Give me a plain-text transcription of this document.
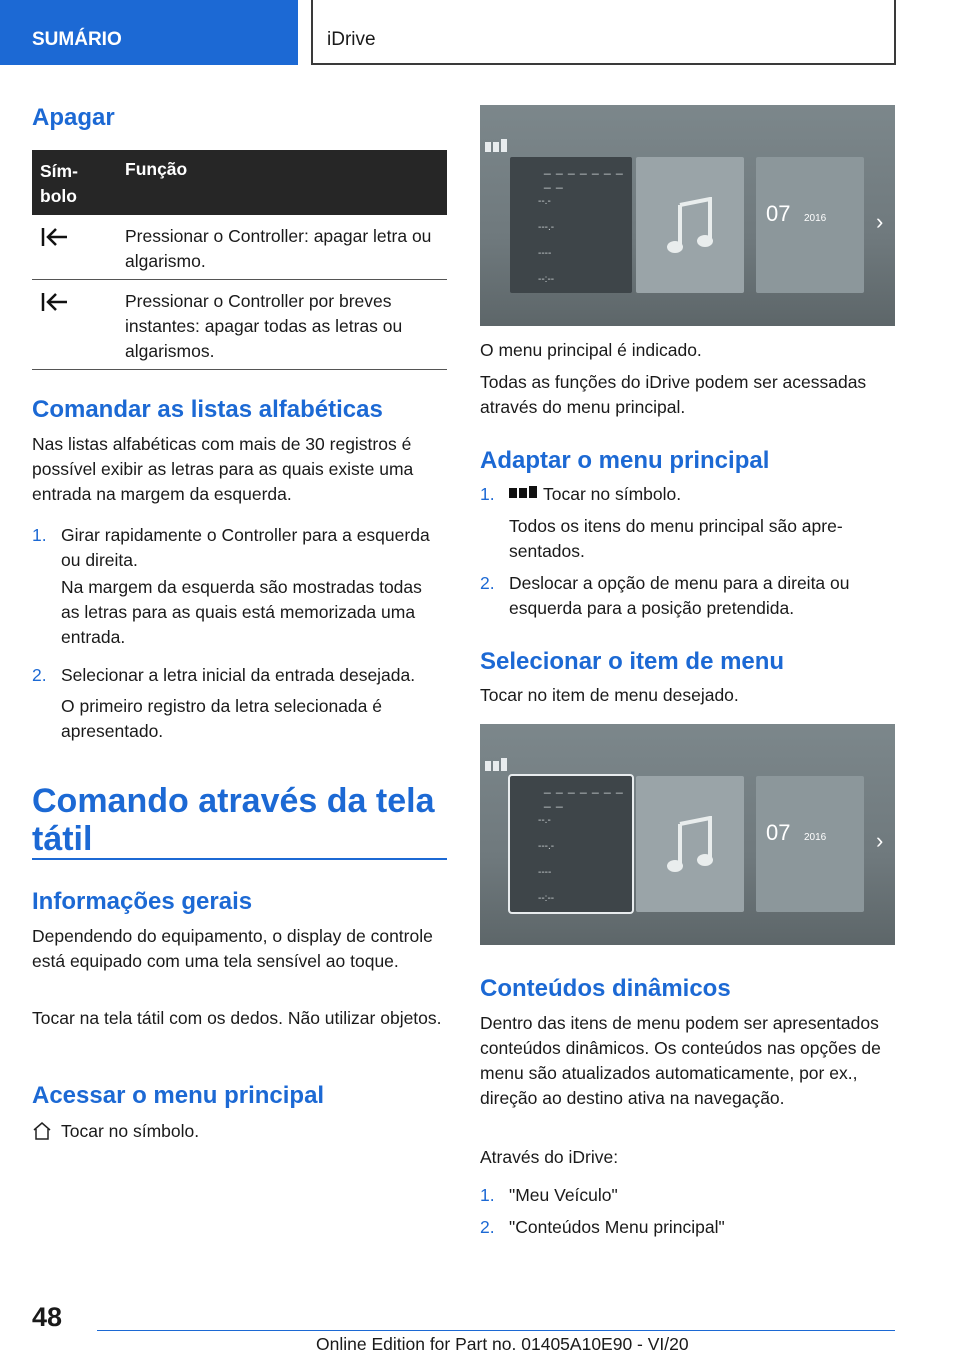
SUMÁRIO	iDrive
Apagar
Sím-
bolo
Função
Pressionar o Controller: apagar letra ou algarismo.
Pressionar o Controller por breves instantes: apagar todas as letras ou algarismos.
Comandar as listas alfabéticas

Nas listas alfabéticas com mais de 30 registros é possível exibir as letras para as quais existe uma entrada na margem da esquerda.

1. Girar rapidamente o Controller para a esquerda ou direita.
Na margem da esquerda são mostradas todas as letras para as quais está memorizada uma entrada.
2. Selecionar a letra inicial da entrada desejada.
O primeiro registro da letra selecionada é apresentado.
Comando através da tela tátil
Informações gerais

Dependendo do equipamento, o display de controle está equipado com uma tela sensível ao toque.

Tocar na tela tátil com os dedos. Não utilizar objetos.

Acessar o menu principal

Tocar no símbolo.

_ _ _ _ _ _ _ _ _
--.-
---.-
----
--:--
07 2016 ›

O menu principal é indicado.

Todas as funções do iDrive podem ser acessadas através do menu principal.

Adaptar o menu principal
1.	Tocar no símbolo.
Todos os itens do menu principal são apresentados.
2. Deslocar a opção de menu para a direita ou esquerda para a posição pretendida.
Selecionar o item de menu

Tocar no item de menu desejado.

_ _ _ _ _ _ _ _ _
--.-
---.-
----
--:--
07 2016 ›
Conteúdos dinâmicos

Dentro das itens de menu podem ser apresentados conteúdos dinâmicos. Os conteúdos nas opções de menu são atualizados automaticamente, por ex., direção ao destino ativa na navegação.

Através do iDrive:

1. "Meu Veículo"
2. "Conteúdos Menu principal"
48
Online Edition for Part no. 01405A10E90 - VI/20
